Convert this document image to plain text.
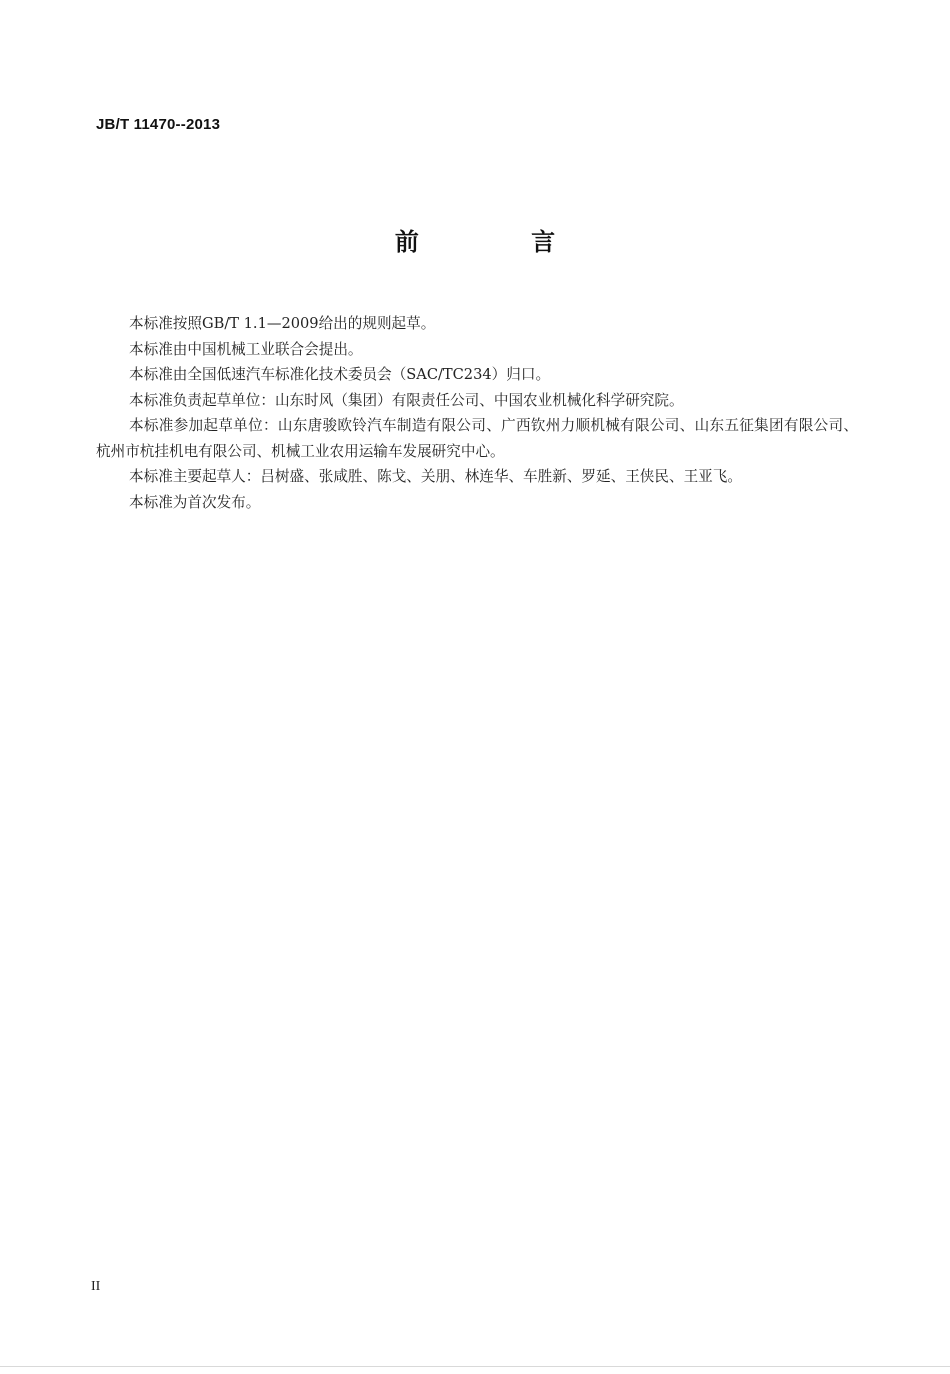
JB/T 11470--2013
前 言

本标准按照GB/T 1.1—2009给出的规则起草。

本标准由中国机械工业联合会提出。

本标准由全国低速汽车标准化技术委员会（SAC/TC234）归口。

本标准负责起草单位：山东时风（集团）有限责任公司、中国农业机械化科学研究院。

本标准参加起草单位：山东唐骏欧铃汽车制造有限公司、广西钦州力顺机械有限公司、山东五征集团有限公司、杭州市杭挂机电有限公司、机械工业农用运输车发展研究中心。

本标准主要起草人：吕树盛、张咸胜、陈戈、关朋、林连华、车胜新、罗延、王侠民、王亚飞。

本标准为首次发布。

II
